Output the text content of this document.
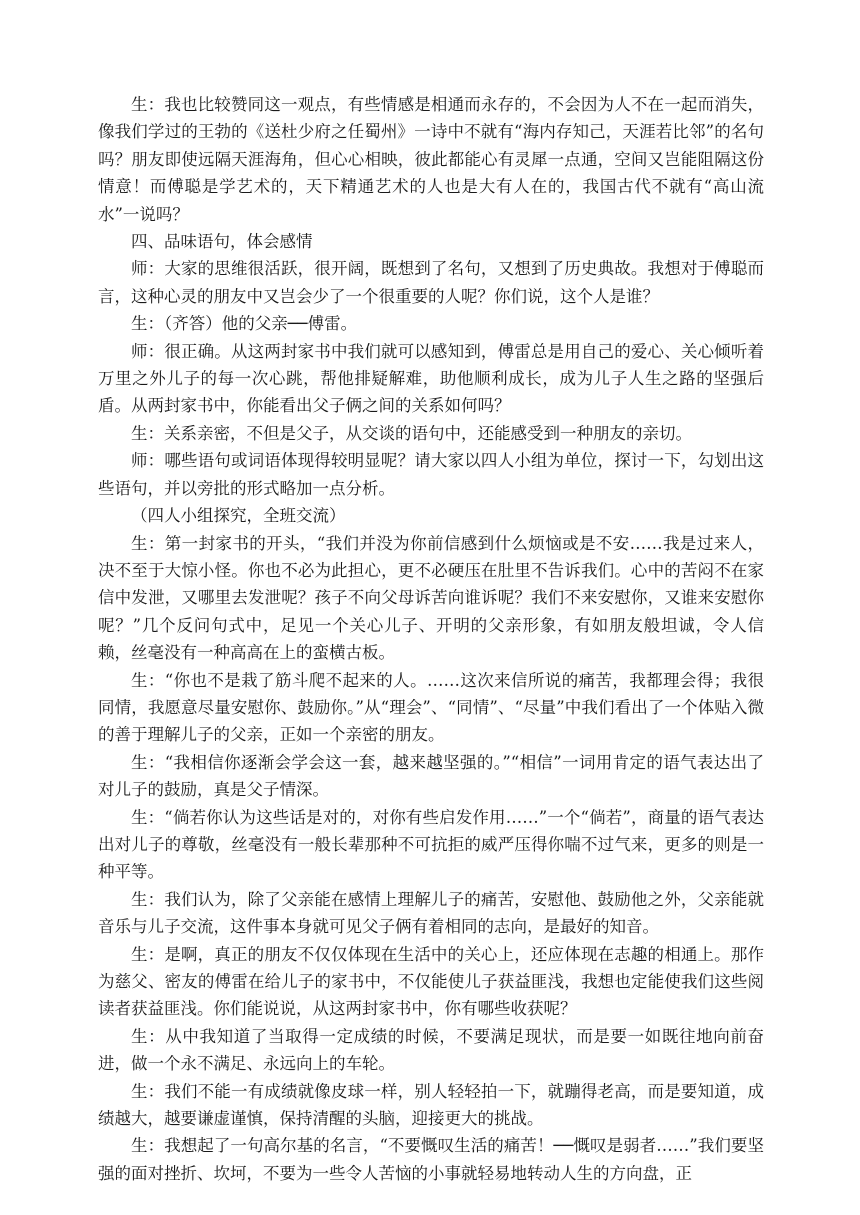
生：我也比较赞同这一观点，有些情感是相通而永存的，不会因为人不在一起而消失，像我们学过的王勃的《送杜少府之任蜀州》一诗中不就有“海内存知己，天涯若比邻”的名句吗？朋友即使远隔天涯海角，但心心相映，彼此都能心有灵犀一点通，空间又岂能阻隔这份情意！而傅聪是学艺术的，天下精通艺术的人也是大有人在的，我国古代不就有“高山流水”一说吗？

四、品味语句，体会感情

师：大家的思维很活跃，很开阔，既想到了名句，又想到了历史典故。我想对于傅聪而言，这种心灵的朋友中又岂会少了一个很重要的人呢？你们说，这个人是谁？

生：（齐答）他的父亲──傅雷。

师：很正确。从这两封家书中我们就可以感知到，傅雷总是用自己的爱心、关心倾听着万里之外儿子的每一次心跳，帮他排疑解难，助他顺利成长，成为儿子人生之路的坚强后盾。从两封家书中，你能看出父子俩之间的关系如何吗？

生：关系亲密，不但是父子，从交谈的语句中，还能感受到一种朋友的亲切。

师：哪些语句或词语体现得较明显呢？请大家以四人小组为单位，探讨一下，勾划出这些语句，并以旁批的形式略加一点分析。

（四人小组探究，全班交流）

生：第一封家书的开头，“我们并没为你前信感到什么烦恼或是不安……我是过来人，决不至于大惊小怪。你也不必为此担心，更不必硬压在肚里不告诉我们。心中的苦闷不在家信中发泄，又哪里去发泄呢？孩子不向父母诉苦向谁诉呢？我们不来安慰你，又谁来安慰你呢？”几个反问句式中，足见一个关心儿子、开明的父亲形象，有如朋友般坦诚，令人信赖，丝毫没有一种高高在上的蛮横古板。

生：“你也不是栽了筋斗爬不起来的人。……这次来信所说的痛苦，我都理会得；我很同情，我愿意尽量安慰你、鼓励你。”从“理会”、“同情”、“尽量”中我们看出了一个体贴入微的善于理解儿子的父亲，正如一个亲密的朋友。

生：“我相信你逐渐会学会这一套，越来越坚强的。”“相信”一词用肯定的语气表达出了对儿子的鼓励，真是父子情深。

生：“倘若你认为这些话是对的，对你有些启发作用……”一个“倘若”，商量的语气表达出对儿子的尊敬，丝毫没有一般长辈那种不可抗拒的威严压得你喘不过气来，更多的则是一种平等。

生：我们认为，除了父亲能在感情上理解儿子的痛苦，安慰他、鼓励他之外，父亲能就音乐与儿子交流，这件事本身就可见父子俩有着相同的志向，是最好的知音。

生：是啊，真正的朋友不仅仅体现在生活中的关心上，还应体现在志趣的相通上。那作为慈父、密友的傅雷在给儿子的家书中，不仅能使儿子获益匪浅，我想也定能使我们这些阅读者获益匪浅。你们能说说，从这两封家书中，你有哪些收获呢？

生：从中我知道了当取得一定成绩的时候，不要满足现状，而是要一如既往地向前奋进，做一个永不满足、永远向上的车轮。

生：我们不能一有成绩就像皮球一样，别人轻轻拍一下，就蹦得老高，而是要知道，成绩越大，越要谦虚谨慎，保持清醒的头脑，迎接更大的挑战。

生：我想起了一句高尔基的名言，“不要慨叹生活的痛苦！──慨叹是弱者……”我们要坚强的面对挫折、坎坷，不要为一些令人苦恼的小事就轻易地转动人生的方向盘，正
